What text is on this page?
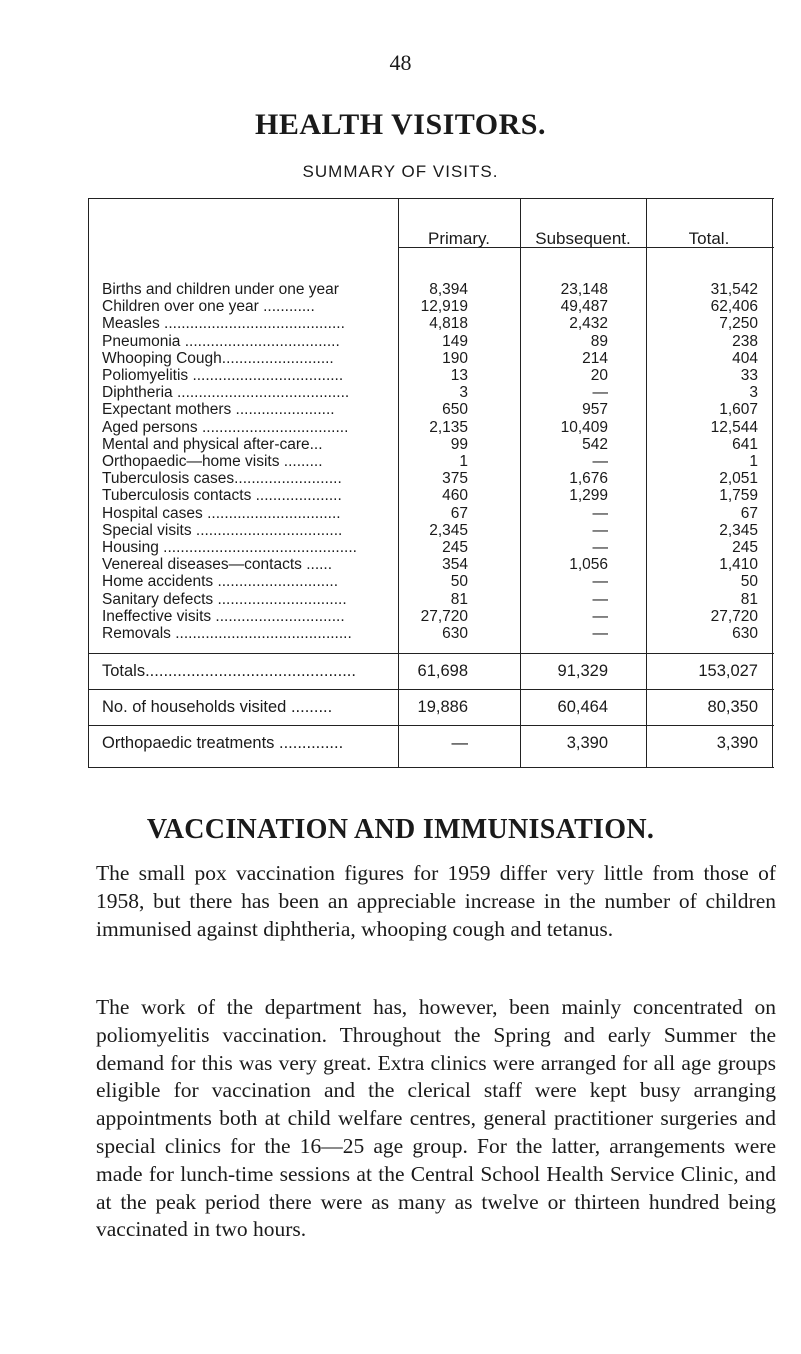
48
HEALTH VISITORS.
SUMMARY OF VISITS.
Primary.	Subsequent.	Total.
Births and children under one year	8,394	23,148	31,542
Children over one year ............	12,919	49,487	62,406
Measles ..........................................	4,818	2,432	7,250
Pneumonia ....................................	149	89	238
Whooping Cough..........................	190	214	404
Poliomyelitis ...................................	13	20	33
Diphtheria ........................................	3	—	3
Expectant mothers .......................	650	957	1,607
Aged persons ..................................	2,135	10,409	12,544
Mental and physical after-care...	99	542	641
Orthopaedic—home visits .........	1	—	1
Tuberculosis cases.........................	375	1,676	2,051
Tuberculosis contacts ....................	460	1,299	1,759
Hospital cases ...............................	67	—	67
Special visits ..................................	2,345	—	2,345
Housing .............................................	245	—	245
Venereal diseases—contacts ......	354	1,056	1,410
Home accidents ............................	50	—	50
Sanitary defects ..............................	81	—	81
Ineffective visits ..............................	27,720	—	27,720
Removals .........................................	630	—	630
Totals..............................................	61,698	91,329	153,027
No. of households visited .........	19,886	60,464	80,350
Orthopaedic treatments ..............	—	3,390	3,390
VACCINATION AND IMMUNISATION.

The small pox vaccination figures for 1959 differ very little from those of 1958, but there has been an appreciable increase in the number of children immunised against diphtheria, whooping cough and tetanus.

The work of the department has, however, been mainly concentrated on poliomyelitis vaccination. Throughout the Spring and early Summer the demand for this was very great. Extra clinics were arranged for all age groups eligible for vaccination and the clerical staff were kept busy arranging appointments both at child welfare centres, general practitioner surgeries and special clinics for the 16—25 age group. For the latter, arrangements were made for lunch-time sessions at the Central School Health Service Clinic, and at the peak period there were as many as twelve or thirteen hundred being vaccinated in two hours.
